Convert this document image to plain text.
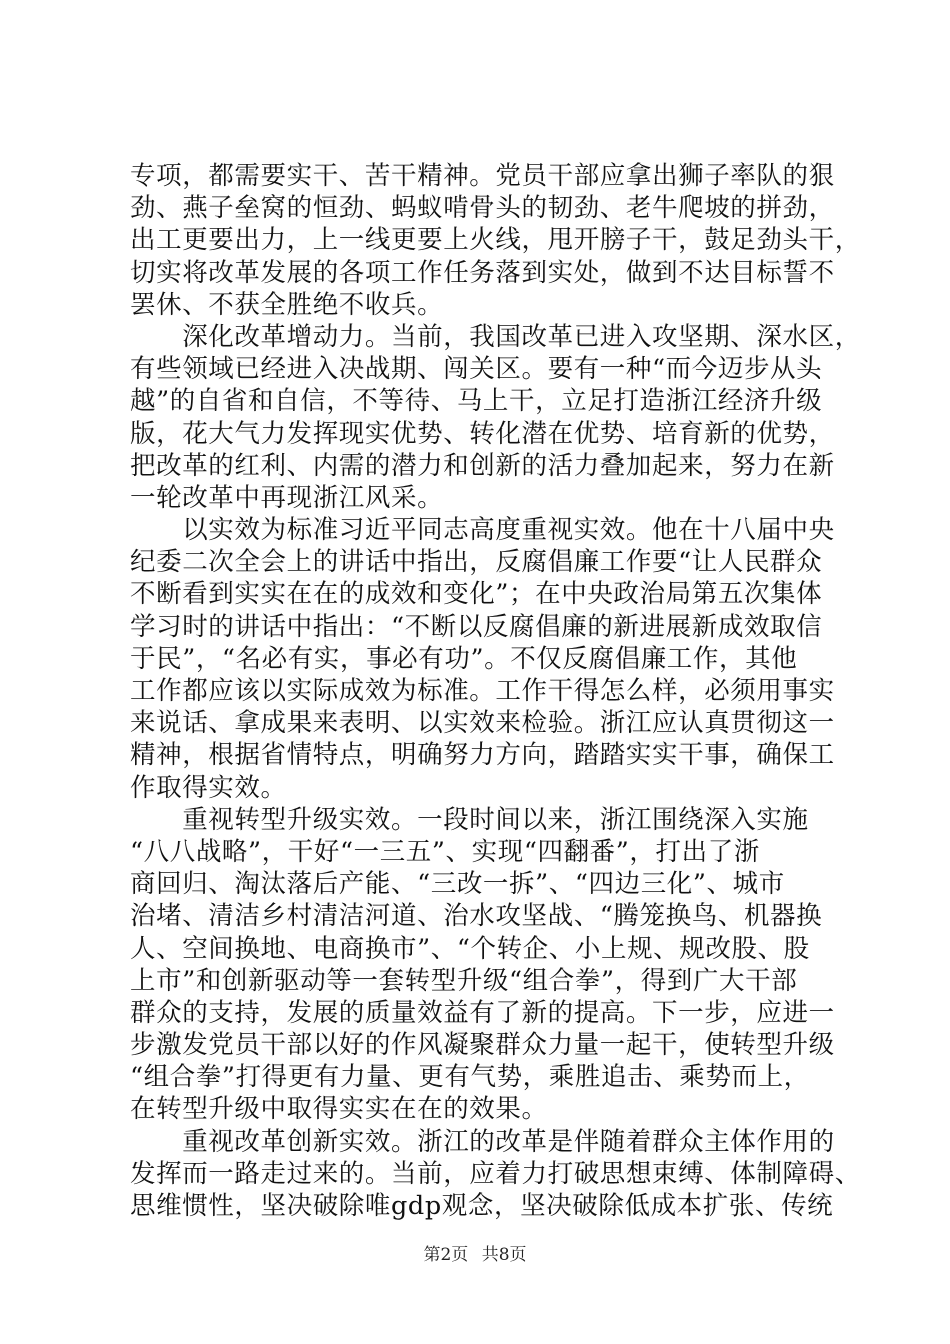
专项，都需要实干、苦干精神。党员干部应拿出狮子率队的狠
劲、燕子垒窝的恒劲、蚂蚁啃骨头的韧劲、老牛爬坡的拼劲，
出工更要出力，上一线更要上火线，甩开膀子干，鼓足劲头干，
切实将改革发展的各项工作任务落到实处，做到不达目标誓不
罢休、不获全胜绝不收兵。
　　深化改革增动力。当前，我国改革已进入攻坚期、深水区，
有些领域已经进入决战期、闯关区。要有一种“而今迈步从头
越”的自省和自信，不等待、马上干，立足打造浙江经济升级
版，花大气力发挥现实优势、转化潜在优势、培育新的优势，
把改革的红利、内需的潜力和创新的活力叠加起来，努力在新
一轮改革中再现浙江风采。
　　以实效为标准习近平同志高度重视实效。他在十八届中央
纪委二次全会上的讲话中指出，反腐倡廉工作要“让人民群众
不断看到实实在在的成效和变化”；在中央政治局第五次集体
学习时的讲话中指出：“不断以反腐倡廉的新进展新成效取信
于民”，“名必有实，事必有功”。不仅反腐倡廉工作，其他
工作都应该以实际成效为标准。工作干得怎么样，必须用事实
来说话、拿成果来表明、以实效来检验。浙江应认真贯彻这一
精神，根据省情特点，明确努力方向，踏踏实实干事，确保工
作取得实效。
　　重视转型升级实效。一段时间以来，浙江围绕深入实施
“八八战略”，干好“一三五”、实现“四翻番”，打出了浙
商回归、淘汰落后产能、“三改一拆”、“四边三化”、城市
治堵、清洁乡村清洁河道、治水攻坚战、“腾笼换鸟、机器换
人、空间换地、电商换市”、“个转企、小上规、规改股、股
上市”和创新驱动等一套转型升级“组合拳”，得到广大干部
群众的支持，发展的质量效益有了新的提高。下一步，应进一
步激发党员干部以好的作风凝聚群众力量一起干，使转型升级
“组合拳”打得更有力量、更有气势，乘胜追击、乘势而上，
在转型升级中取得实实在在的效果。
　　重视改革创新实效。浙江的改革是伴随着群众主体作用的
发挥而一路走过来的。当前，应着力打破思想束缚、体制障碍、
思维惯性，坚决破除唯gdp观念，坚决破除低成本扩张、传统
第2页 共8页
